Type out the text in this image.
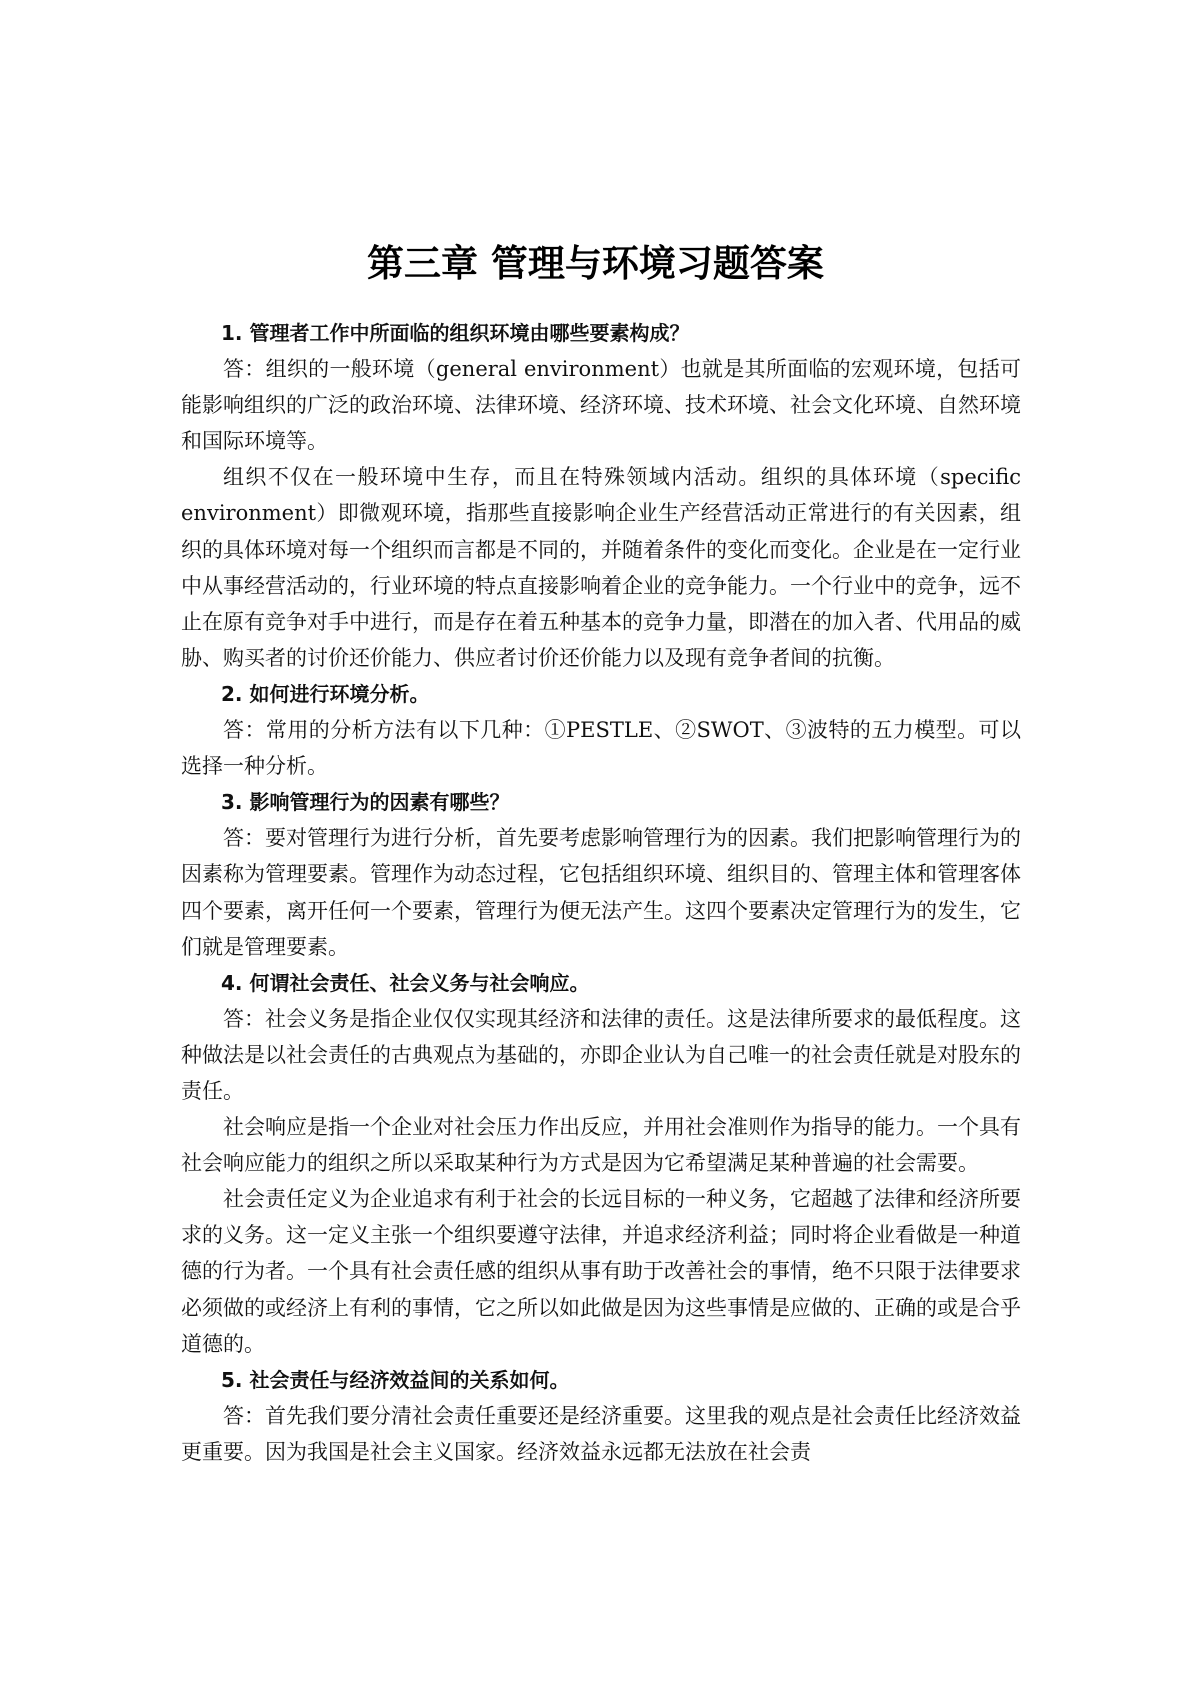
第三章 管理与环境习题答案

1. 管理者工作中所面临的组织环境由哪些要素构成？

答：组织的一般环境（general environment）也就是其所面临的宏观环境，包括可能影响组织的广泛的政治环境、法律环境、经济环境、技术环境、社会文化环境、自然环境和国际环境等。

组织不仅在一般环境中生存，而且在特殊领域内活动。组织的具体环境（specific environment）即微观环境，指那些直接影响企业生产经营活动正常进行的有关因素，组织的具体环境对每一个组织而言都是不同的，并随着条件的变化而变化。企业是在一定行业中从事经营活动的，行业环境的特点直接影响着企业的竞争能力。一个行业中的竞争，远不止在原有竞争对手中进行，而是存在着五种基本的竞争力量，即潜在的加入者、代用品的威胁、购买者的讨价还价能力、供应者讨价还价能力以及现有竞争者间的抗衡。

2. 如何进行环境分析。

答：常用的分析方法有以下几种：①PESTLE、②SWOT、③波特的五力模型。可以选择一种分析。

3. 影响管理行为的因素有哪些？

答：要对管理行为进行分析，首先要考虑影响管理行为的因素。我们把影响管理行为的因素称为管理要素。管理作为动态过程，它包括组织环境、组织目的、管理主体和管理客体四个要素，离开任何一个要素，管理行为便无法产生。这四个要素决定管理行为的发生，它们就是管理要素。

4. 何谓社会责任、社会义务与社会响应。

答：社会义务是指企业仅仅实现其经济和法律的责任。这是法律所要求的最低程度。这种做法是以社会责任的古典观点为基础的，亦即企业认为自己唯一的社会责任就是对股东的责任。

社会响应是指一个企业对社会压力作出反应，并用社会准则作为指导的能力。一个具有社会响应能力的组织之所以采取某种行为方式是因为它希望满足某种普遍的社会需要。

社会责任定义为企业追求有利于社会的长远目标的一种义务，它超越了法律和经济所要求的义务。这一定义主张一个组织要遵守法律，并追求经济利益；同时将企业看做是一种道德的行为者。一个具有社会责任感的组织从事有助于改善社会的事情，绝不只限于法律要求必须做的或经济上有利的事情，它之所以如此做是因为这些事情是应做的、正确的或是合乎道德的。

5. 社会责任与经济效益间的关系如何。

答：首先我们要分清社会责任重要还是经济重要。这里我的观点是社会责任比经济效益更重要。因为我国是社会主义国家。经济效益永远都无法放在社会责
